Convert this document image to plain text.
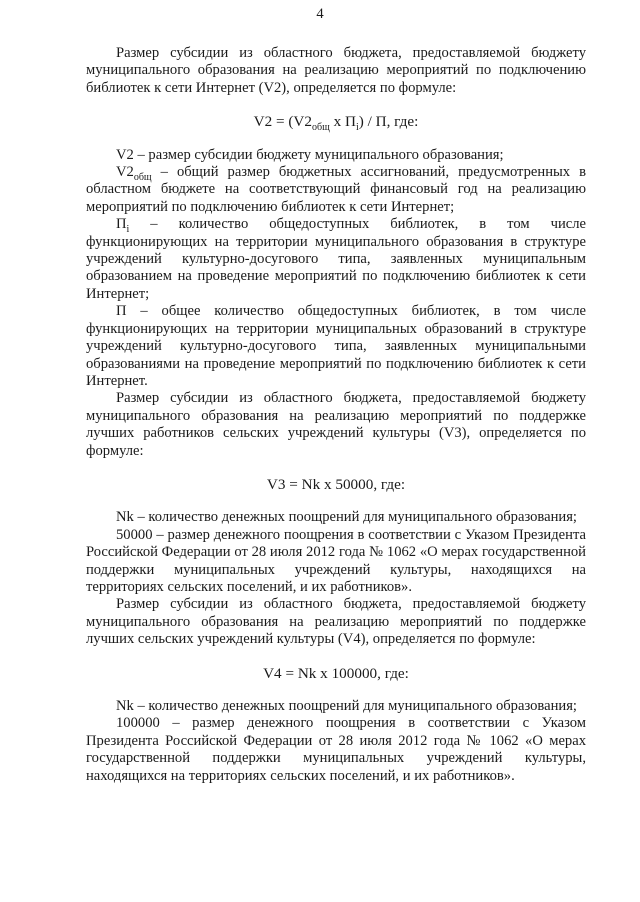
4

Размер субсидии из областного бюджета, предоставляемой бюджету муниципального образования на реализацию мероприятий по подключению библиотек к сети Интернет (V2), определяется по формуле:

$V2 = (V2_{общ}$ x $П_i$) / П, где:

V2 – размер субсидии бюджету муниципального образования;

$V2_{общ}$ – общий размер бюджетных ассигнований, предусмотренных в областном бюджете на соответствующий финансовый год на реализацию мероприятий по подключению библиотек к сети Интернет;

$П_i$ – количество общедоступных библиотек, в том числе функционирующих на территории муниципального образования в структуре учреждений культурно-досугового типа, заявленных муниципальным образованием на проведение мероприятий по подключению библиотек к сети Интернет;

П – общее количество общедоступных библиотек, в том числе функционирующих на территории муниципальных образований в структуре учреждений культурно-досугового типа, заявленных муниципальными образованиями на проведение мероприятий по подключению библиотек к сети Интернет.

Размер субсидии из областного бюджета, предоставляемой бюджету муниципального образования на реализацию мероприятий по поддержке лучших работников сельских учреждений культуры (V3), определяется по формуле:

V3 = Nk x 50000, где:

Nk – количество денежных поощрений для муниципального образования;

50000 – размер денежного поощрения в соответствии с Указом Президента Российской Федерации от 28 июля 2012 года № 1062 «О мерах государственной поддержки муниципальных учреждений культуры, находящихся на территориях сельских поселений, и их работников».

Размер субсидии из областного бюджета, предоставляемой бюджету муниципального образования на реализацию мероприятий по поддержке лучших сельских учреждений культуры (V4), определяется по формуле:

V4 = Nk x 100000, где:

Nk – количество денежных поощрений для муниципального образования;

100000 – размер денежного поощрения в соответствии с Указом Президента Российской Федерации от 28 июля 2012 года № 1062 «О мерах государственной поддержки муниципальных учреждений культуры, находящихся на территориях сельских поселений, и их работников».
